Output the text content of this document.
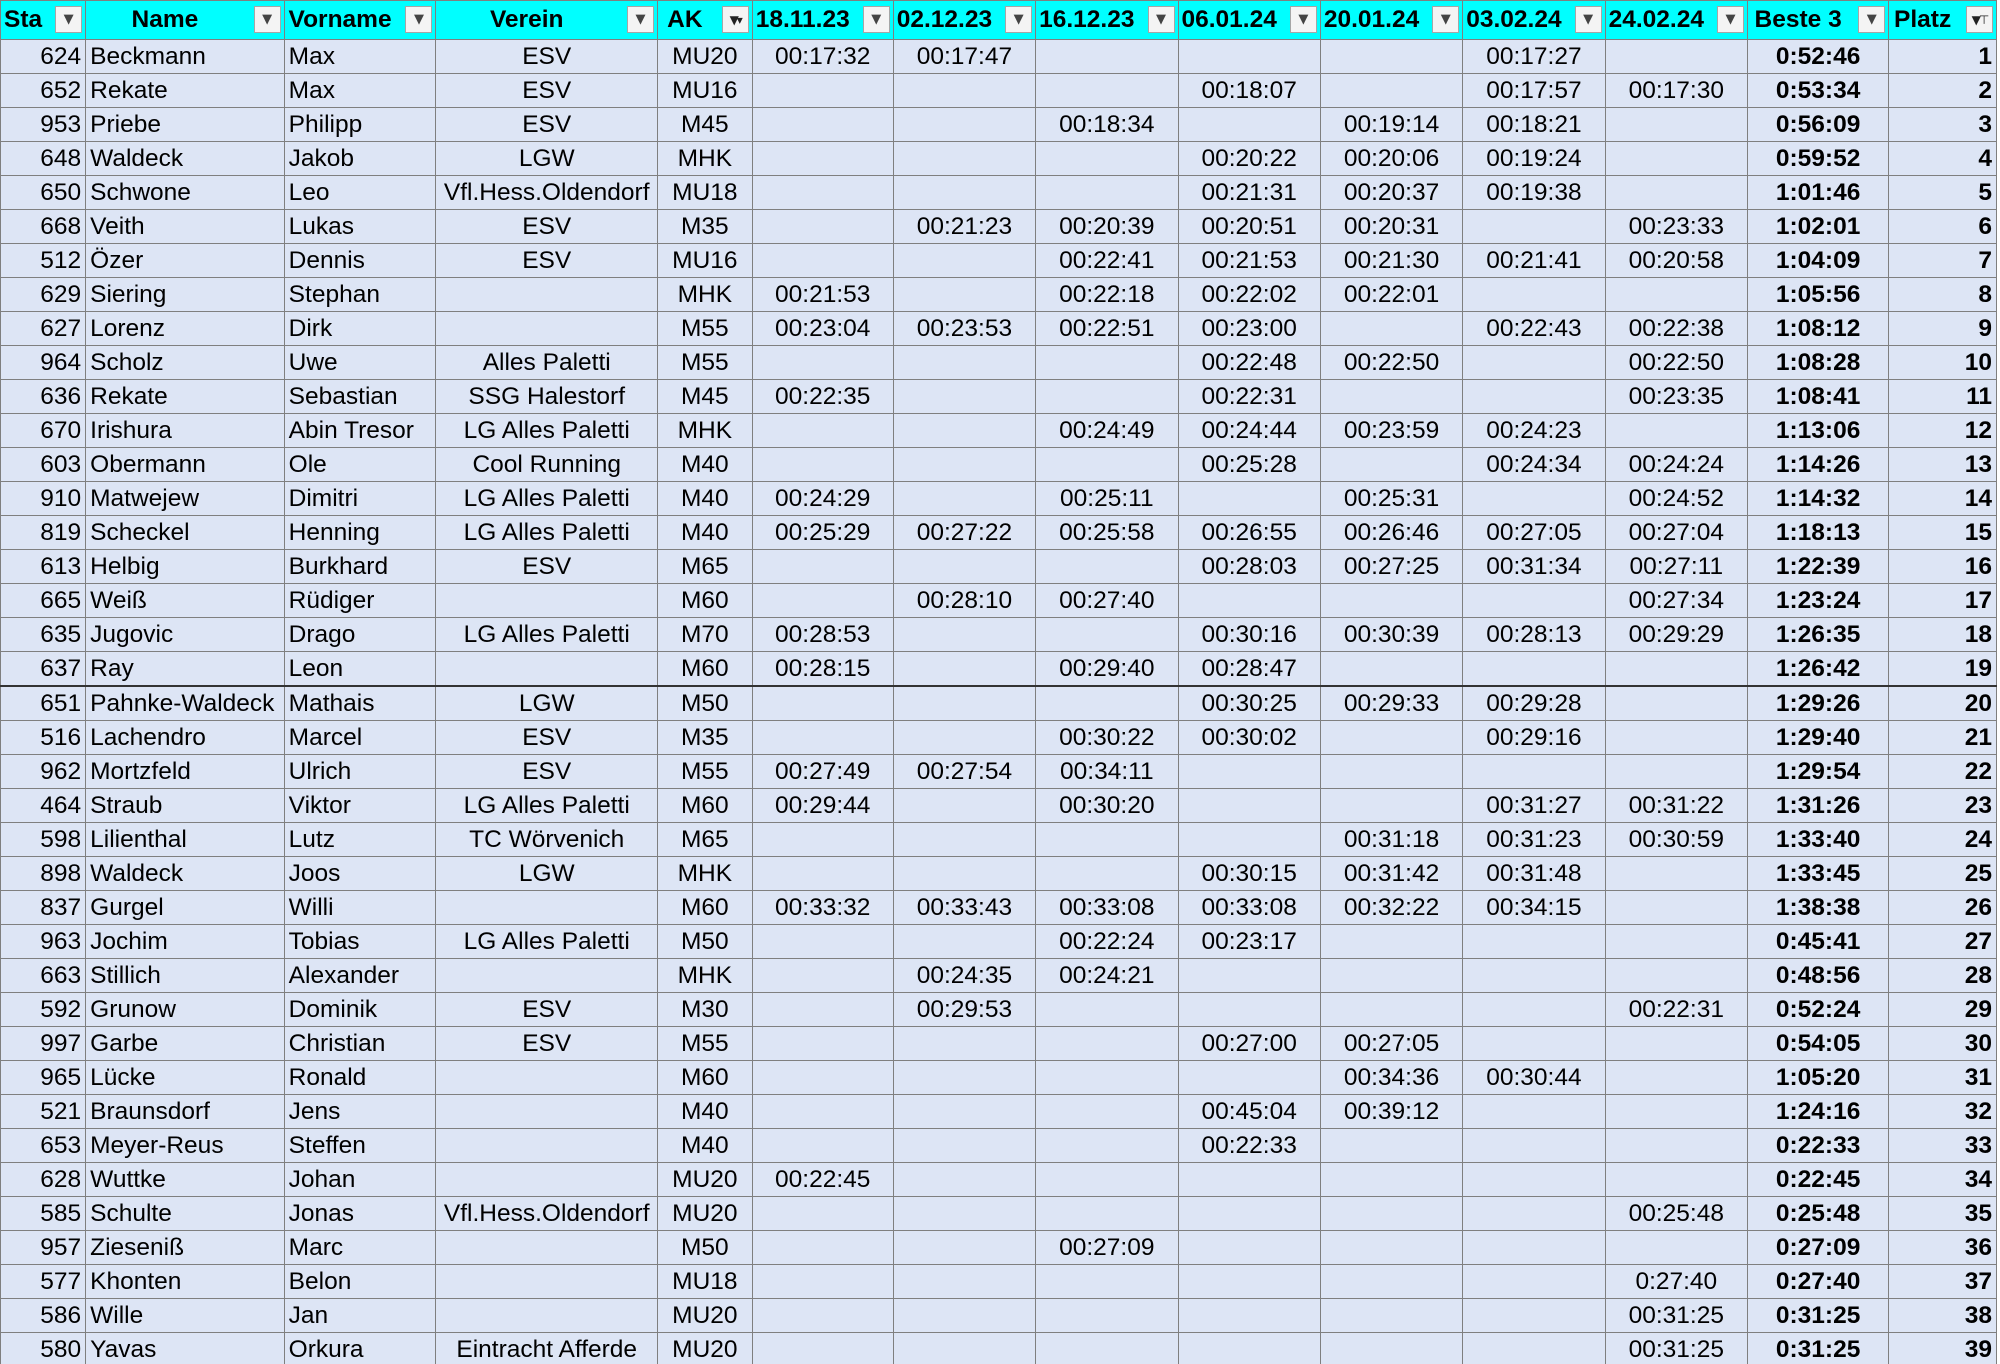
Sta ▼	Name ▼	Vorname ▼	Verein ▼	AK ▼▾	18.11.23 ▼	02.12.23 ▼	16.12.23 ▼	06.01.24 ▼	20.01.24 ▼	03.02.24 ▼	24.02.24 ▼	Beste 3 ▼	Platz ▼⊤

624	Beckmann	Max	ESV	MU20	00:17:32	00:17:47				00:17:27		0:52:46	1
652	Rekate	Max	ESV	MU16				00:18:07		00:17:57	00:17:30	0:53:34	2
953	Priebe	Philipp	ESV	M45			00:18:34		00:19:14	00:18:21		0:56:09	3
648	Waldeck	Jakob	LGW	MHK				00:20:22	00:20:06	00:19:24		0:59:52	4
650	Schwone	Leo	Vfl.Hess.Oldendorf	MU18				00:21:31	00:20:37	00:19:38		1:01:46	5
668	Veith	Lukas	ESV	M35		00:21:23	00:20:39	00:20:51	00:20:31		00:23:33	1:02:01	6
512	Özer	Dennis	ESV	MU16			00:22:41	00:21:53	00:21:30	00:21:41	00:20:58	1:04:09	7
629	Siering	Stephan		MHK	00:21:53		00:22:18	00:22:02	00:22:01			1:05:56	8
627	Lorenz	Dirk		M55	00:23:04	00:23:53	00:22:51	00:23:00		00:22:43	00:22:38	1:08:12	9
964	Scholz	Uwe	Alles Paletti	M55				00:22:48	00:22:50		00:22:50	1:08:28	10
636	Rekate	Sebastian	SSG Halestorf	M45	00:22:35			00:22:31			00:23:35	1:08:41	11
670	Irishura	Abin Tresor	LG Alles Paletti	MHK			00:24:49	00:24:44	00:23:59	00:24:23		1:13:06	12
603	Obermann	Ole	Cool Running	M40				00:25:28		00:24:34	00:24:24	1:14:26	13
910	Matwejew	Dimitri	LG Alles Paletti	M40	00:24:29		00:25:11		00:25:31		00:24:52	1:14:32	14
819	Scheckel	Henning	LG Alles Paletti	M40	00:25:29	00:27:22	00:25:58	00:26:55	00:26:46	00:27:05	00:27:04	1:18:13	15
613	Helbig	Burkhard	ESV	M65				00:28:03	00:27:25	00:31:34	00:27:11	1:22:39	16
665	Weiß	Rüdiger		M60		00:28:10	00:27:40				00:27:34	1:23:24	17
635	Jugovic	Drago	LG Alles Paletti	M70	00:28:53			00:30:16	00:30:39	00:28:13	00:29:29	1:26:35	18
637	Ray	Leon		M60	00:28:15		00:29:40	00:28:47				1:26:42	19
651	Pahnke-Waldeck	Mathais	LGW	M50				00:30:25	00:29:33	00:29:28		1:29:26	20
516	Lachendro	Marcel	ESV	M35			00:30:22	00:30:02		00:29:16		1:29:40	21
962	Mortzfeld	Ulrich	ESV	M55	00:27:49	00:27:54	00:34:11					1:29:54	22
464	Straub	Viktor	LG Alles Paletti	M60	00:29:44		00:30:20			00:31:27	00:31:22	1:31:26	23
598	Lilienthal	Lutz	TC Wörvenich	M65					00:31:18	00:31:23	00:30:59	1:33:40	24
898	Waldeck	Joos	LGW	MHK				00:30:15	00:31:42	00:31:48		1:33:45	25
837	Gurgel	Willi		M60	00:33:32	00:33:43	00:33:08	00:33:08	00:32:22	00:34:15		1:38:38	26
963	Jochim	Tobias	LG Alles Paletti	M50			00:22:24	00:23:17				0:45:41	27
663	Stillich	Alexander		MHK		00:24:35	00:24:21					0:48:56	28
592	Grunow	Dominik	ESV	M30		00:29:53					00:22:31	0:52:24	29
997	Garbe	Christian	ESV	M55				00:27:00	00:27:05			0:54:05	30
965	Lücke	Ronald		M60					00:34:36	00:30:44		1:05:20	31
521	Braunsdorf	Jens		M40				00:45:04	00:39:12			1:24:16	32
653	Meyer-Reus	Steffen		M40				00:22:33				0:22:33	33
628	Wuttke	Johan		MU20	00:22:45							0:22:45	34
585	Schulte	Jonas	Vfl.Hess.Oldendorf	MU20							00:25:48	0:25:48	35
957	Ziesenіß	Marc		M50			00:27:09					0:27:09	36
577	Khonten	Belon		MU18							0:27:40	0:27:40	37
586	Wille	Jan		MU20							00:31:25	0:31:25	38
580	Yavas	Orkura	Eintracht Afferde	MU20							00:31:25	0:31:25	39
